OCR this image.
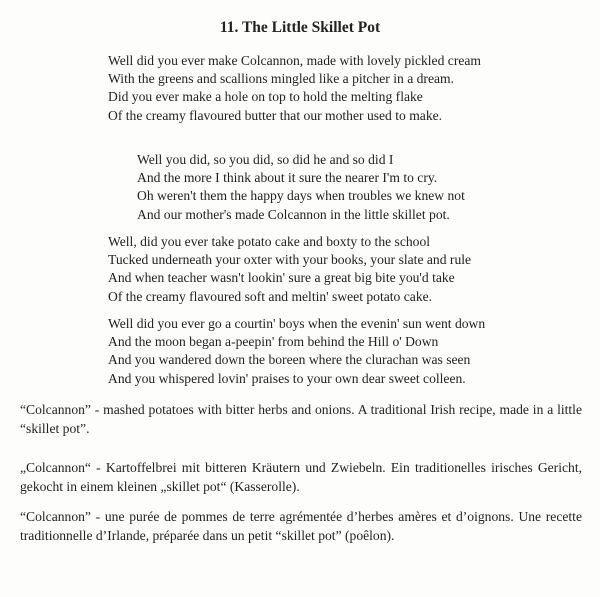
11. The Little Skillet Pot
Well did you ever make Colcannon, made with lovely pickled cream
With the greens and scallions mingled like a pitcher in a dream.
Did you ever make a hole on top to hold the melting flake
Of the creamy flavoured butter that our mother used to make.
Well you did, so you did, so did he and so did I
And the more I think about it sure the nearer I'm to cry.
Oh weren't them the happy days when troubles we knew not
And our mother's made Colcannon in the little skillet pot.
Well, did you ever take potato cake and boxty to the school
Tucked underneath your oxter with your books, your slate and rule
And when teacher wasn't lookin' sure a great big bite you'd take
Of the creamy flavoured soft and meltin' sweet potato cake.
Well did you ever go a courtin' boys when the evenin' sun went down
And the moon began a-peepin' from behind the Hill o' Down
And you wandered down the boreen where the clurachan was seen
And you whispered lovin' praises to your own dear sweet colleen.
“Colcannon” - mashed potatoes with bitter herbs and onions. A traditional Irish recipe, made in a little “skillet pot”.
„Colcannon“ - Kartoffelbrei mit bitteren Kräutern und Zwiebeln. Ein traditionelles irisches Gericht, gekocht in einem kleinen „skillet pot“ (Kasserolle).
“Colcannon” - une purée de pommes de terre agrémentée d’herbes amères et d’oignons. Une recette traditionnelle d’Irlande, préparée dans un petit “skillet pot” (poêlon).
